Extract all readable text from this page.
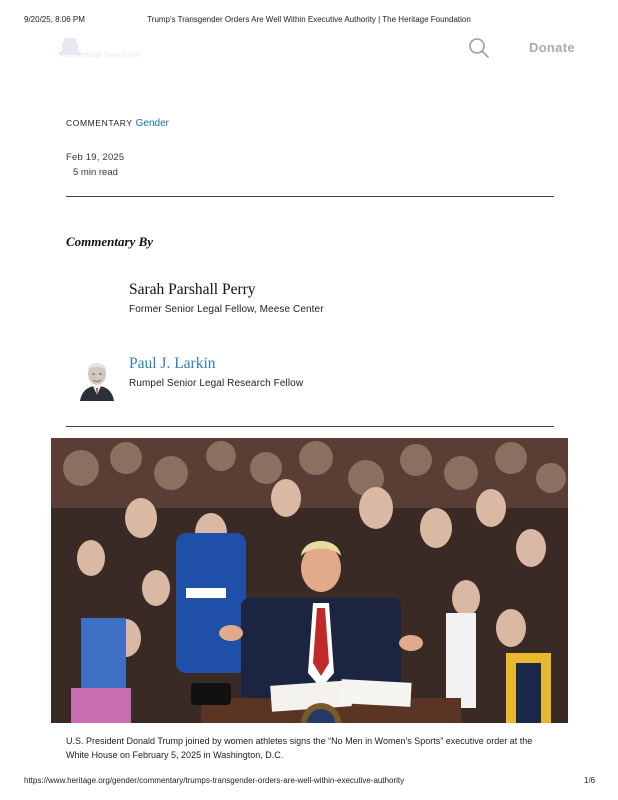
9/20/25, 8:06 PM	Trump's Transgender Orders Are Well Within Executive Authority | The Heritage Foundation
The Heritage Foundation	Donate
COMMENTARY Gender
Feb 19, 2025
5 min read
Commentary By
Sarah Parshall Perry
Former Senior Legal Fellow, Meese Center
Paul J. Larkin
Rumpel Senior Legal Research Fellow
U.S. President Donald Trump joined by women athletes signs the “No Men in Women's Sports” executive order at the White House on February 5, 2025 in Washington, D.C.
https://www.heritage.org/gender/commentary/trumps-transgender-orders-are-well-within-executive-authority	1/6
